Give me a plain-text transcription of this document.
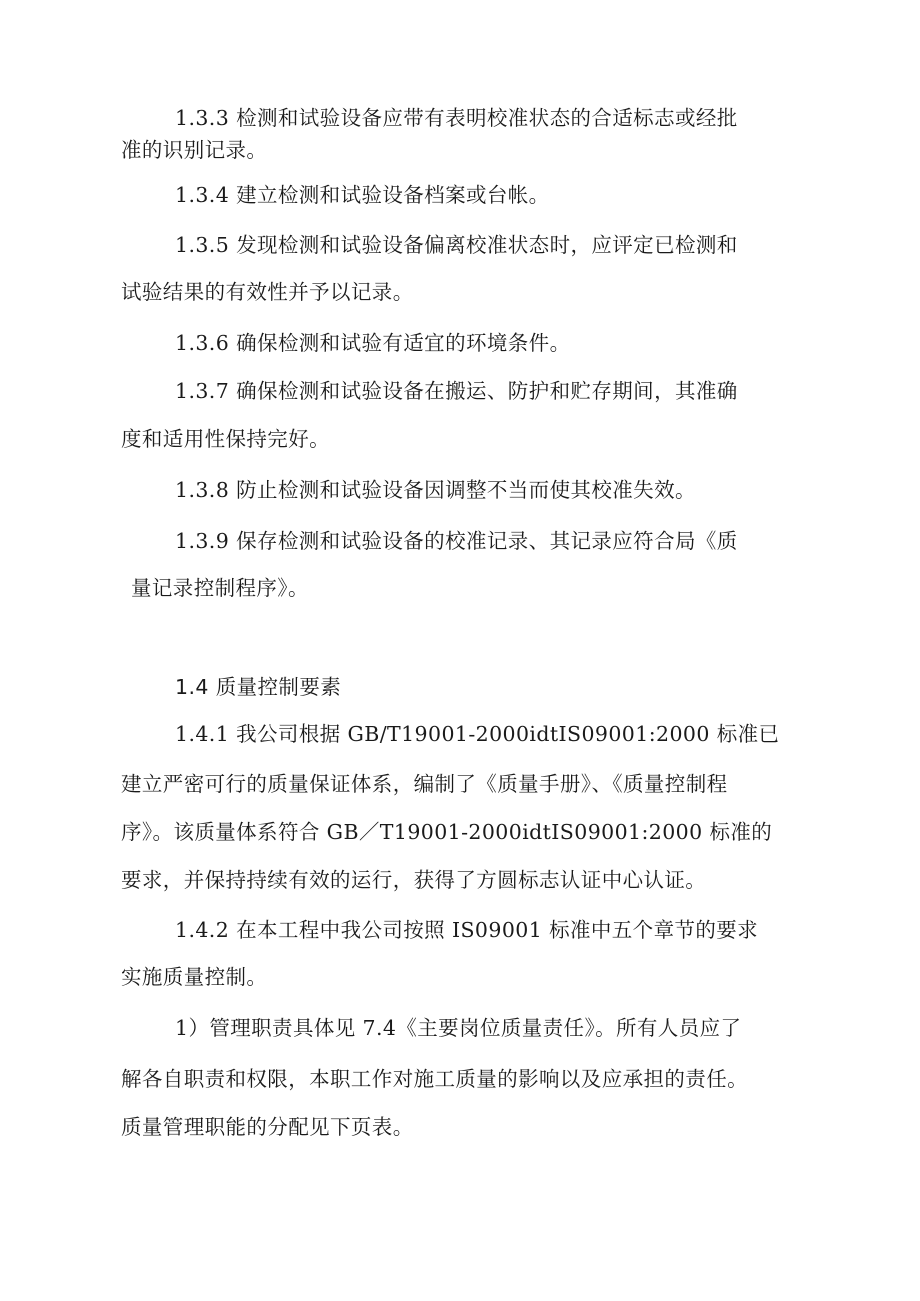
1.3.3 检测和试验设备应带有表明校准状态的合适标志或经批
准的识别记录。
1.3.4 建立检测和试验设备档案或台帐。
1.3.5 发现检测和试验设备偏离校准状态时，应评定已检测和
试验结果的有效性并予以记录。
1.3.6 确保检测和试验有适宜的环境条件。
1.3.7 确保检测和试验设备在搬运、防护和贮存期间，其准确
度和适用性保持完好。
1.3.8 防止检测和试验设备因调整不当而使其校准失效。
1.3.9 保存检测和试验设备的校准记录、其记录应符合局《质
量记录控制程序》。
1.4 质量控制要素
1.4.1 我公司根据 GB/T19001-2000idtIS09001:2000 标准已
建立严密可行的质量保证体系，编制了《质量手册》、《质量控制程
序》。该质量体系符合 GB／T19001-2000idtIS09001:2000 标准的
要求，并保持持续有效的运行，获得了方圆标志认证中心认证。
1.4.2 在本工程中我公司按照 IS09001 标准中五个章节的要求
实施质量控制。
1）管理职责具体见 7.4《主要岗位质量责任》。所有人员应了
解各自职责和权限，本职工作对施工质量的影响以及应承担的责任。
质量管理职能的分配见下页表。
